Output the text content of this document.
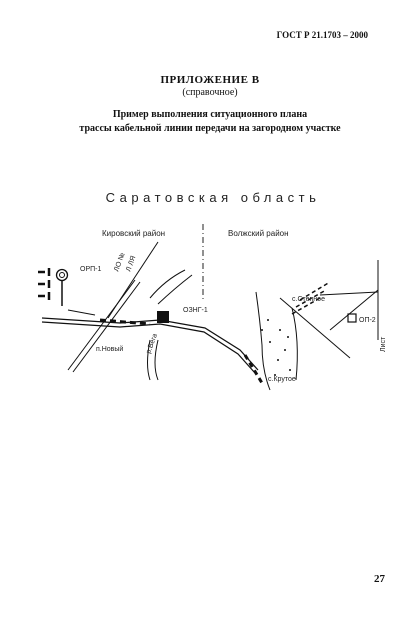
ГОСТ Р 21.1703 – 2000
ПРИЛОЖЕНИЕ В
(справочное)
Пример выполнения ситуационного плана
трассы кабельной линии передачи на загородном участке
Саратовская область
Кировский район	Волжский район
ОРП-1 ЛО №
Л ЛЯ
ОЗНГ-1
п.Новый	р.Вега
с.Степное
ОП-2
с.Крутое
Лист
27
